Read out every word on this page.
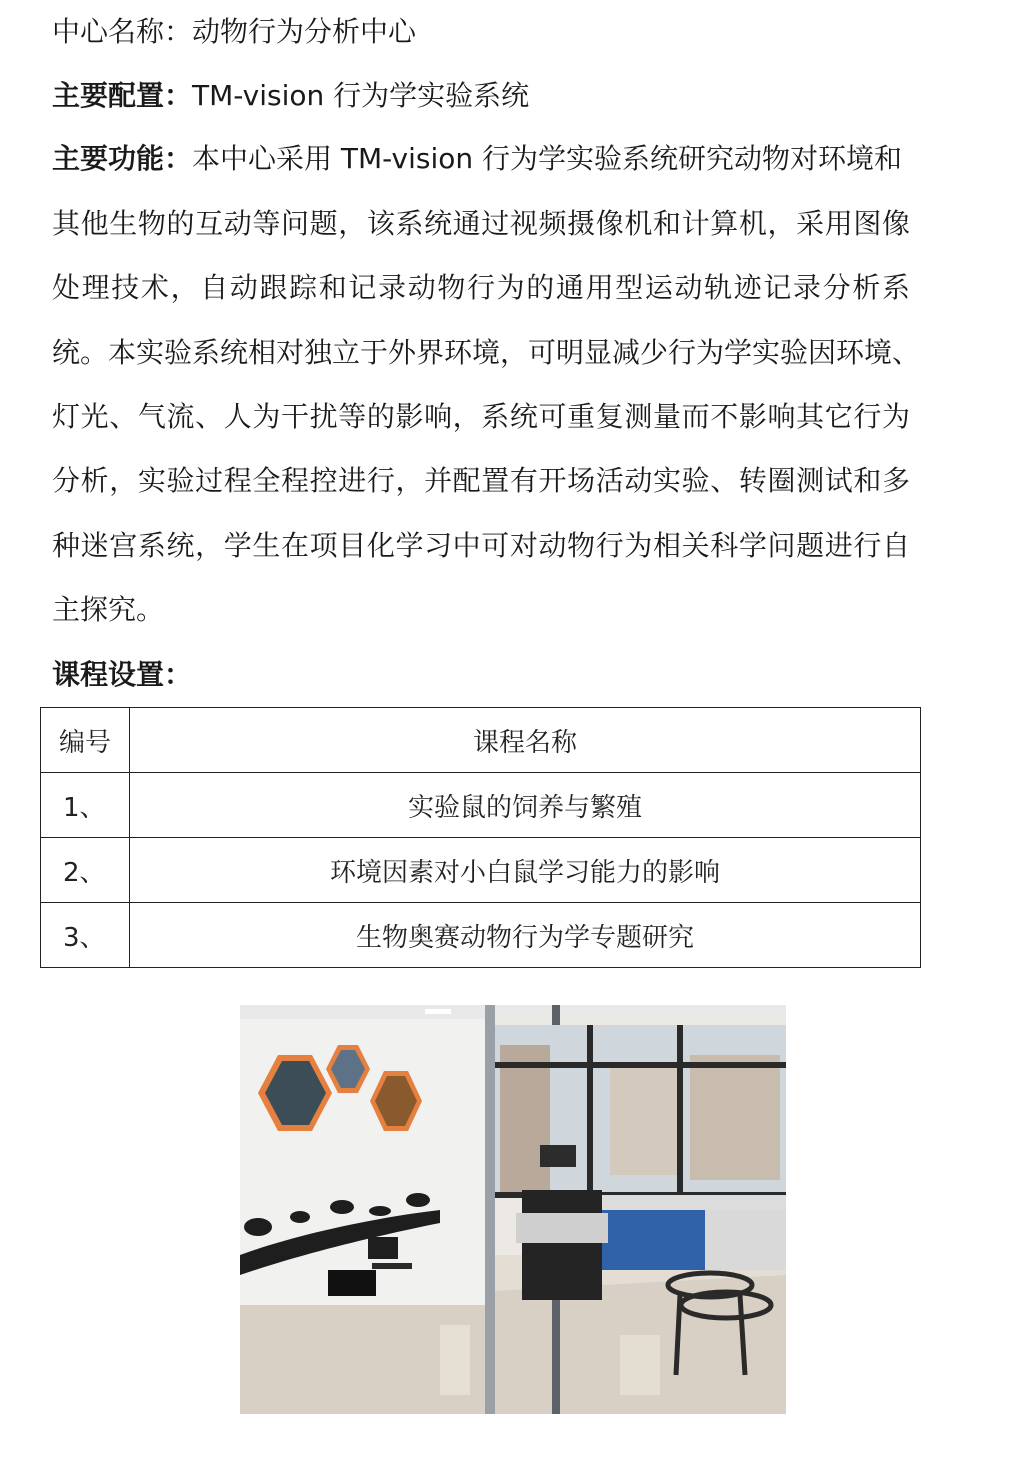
中心名称：动物行为分析中心
主要配置：TM-vision 行为学实验系统
主要功能：本中心采用 TM-vision 行为学实验系统研究动物对环境和
其他生物的互动等问题，该系统通过视频摄像机和计算机，采用图像
处理技术，自动跟踪和记录动物行为的通用型运动轨迹记录分析系
统。本实验系统相对独立于外界环境，可明显减少行为学实验因环境、
灯光、气流、人为干扰等的影响，系统可重复测量而不影响其它行为
分析，实验过程全程控进行，并配置有开场活动实验、转圈测试和多
种迷宫系统，学生在项目化学习中可对动物行为相关科学问题进行自
主探究。
课程设置：
编号	课程名称
1、	实验鼠的饲养与繁殖
2、	环境因素对小白鼠学习能力的影响
3、	生物奥赛动物行为学专题研究
